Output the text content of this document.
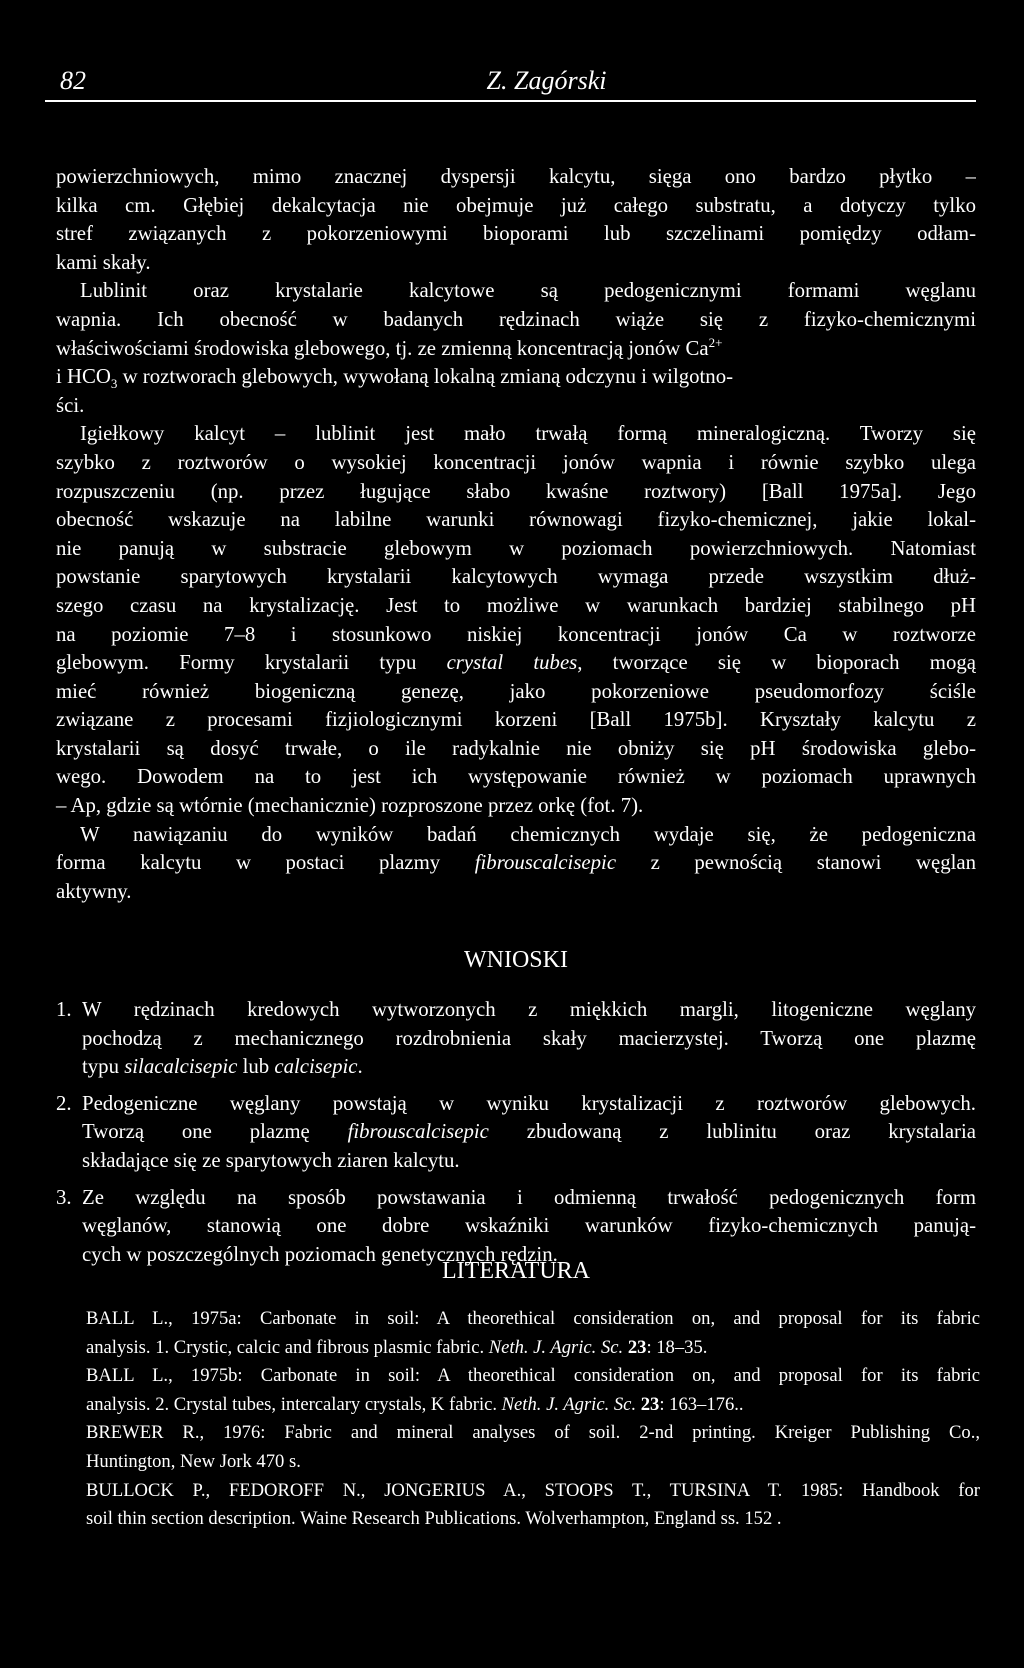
82	Z. Zagórski
powierzchniowych, mimo znacznej dyspersji kalcytu, sięga ono bardzo płytko –
kilka cm. Głębiej dekalcytacja nie obejmuje już całego substratu, a dotyczy tylko
stref związanych z pokorzeniowymi bioporami lub szczelinami pomiędzy odłam-
kami skały.
Lublinit oraz krystalarie kalcytowe są pedogenicznymi formami węglanu
wapnia. Ich obecność w badanych rędzinach wiąże się z fizyko-chemicznymi
właściwościami środowiska glebowego, tj. ze zmienną koncentracją jonów $Ca^{2+}$
i $HCO_3$ w roztworach glebowych, wywołaną lokalną zmianą odczynu i wilgotno-
ści.
Igiełkowy kalcyt – lublinit jest mało trwałą formą mineralogiczną. Tworzy się
szybko z roztworów o wysokiej koncentracji jonów wapnia i równie szybko ulega
rozpuszczeniu (np. przez ługujące słabo kwaśne roztwory) [Ball 1975a]. Jego
obecność wskazuje na labilne warunki równowagi fizyko-chemicznej, jakie lokal-
nie panują w substracie glebowym w poziomach powierzchniowych. Natomiast
powstanie sparytowych krystalarii kalcytowych wymaga przede wszystkim dłuż-
szego czasu na krystalizację. Jest to możliwe w warunkach bardziej stabilnego pH
na poziomie 7–8 i stosunkowo niskiej koncentracji jonów Ca w roztworze
glebowym. Formy krystalarii typu crystal tubes, tworzące się w bioporach mogą
mieć również biogeniczną genezę, jako pokorzeniowe pseudomorfozy ściśle
związane z procesami fizjiologicznymi korzeni [Ball 1975b]. Kryształy kalcytu z
krystalarii są dosyć trwałe, o ile radykalnie nie obniży się pH środowiska glebo-
wego. Dowodem na to jest ich występowanie również w poziomach uprawnych
– Ap, gdzie są wtórnie (mechanicznie) rozproszone przez orkę (fot. 7).
W nawiązaniu do wyników badań chemicznych wydaje się, że pedogeniczna
forma kalcytu w postaci plazmy fibrouscalcisepic z pewnością stanowi węglan
aktywny.
WNIOSKI
1. W rędzinach kredowych wytworzonych z miękkich margli, litogeniczne węglany
pochodzą z mechanicznego rozdrobnienia skały macierzystej. Tworzą one plazmę
typu silacalcisepic lub calcisepic.
2. Pedogeniczne węglany powstają w wyniku krystalizacji z roztworów glebowych.
Tworzą one plazmę fibrouscalcisepic zbudowaną z lublinitu oraz krystalaria
składające się ze sparytowych ziaren kalcytu.
3. Ze względu na sposób powstawania i odmienną trwałość pedogenicznych form
węglanów, stanowią one dobre wskaźniki warunków fizyko-chemicznych panują-
cych w poszczególnych poziomach genetycznych rędzin.
LITERATURA
BALL L., 1975a: Carbonate in soil: A theorethical consideration on, and proposal for its fabric
analysis. 1. Crystic, calcic and fibrous plasmic fabric. Neth. J. Agric. Sc. 23: 18–35.
BALL L., 1975b: Carbonate in soil: A theorethical consideration on, and proposal for its fabric
analysis. 2. Crystal tubes, intercalary crystals, K fabric. Neth. J. Agric. Sc. 23: 163–176..
BREWER R., 1976: Fabric and mineral analyses of soil. 2-nd printing. Kreiger Publishing Co.,
Huntington, New Jork 470 s.
BULLOCK P., FEDOROFF N., JONGERIUS A., STOOPS T., TURSINA T. 1985: Handbook for
soil thin section description. Waine Research Publications. Wolverhampton, England ss. 152 .
